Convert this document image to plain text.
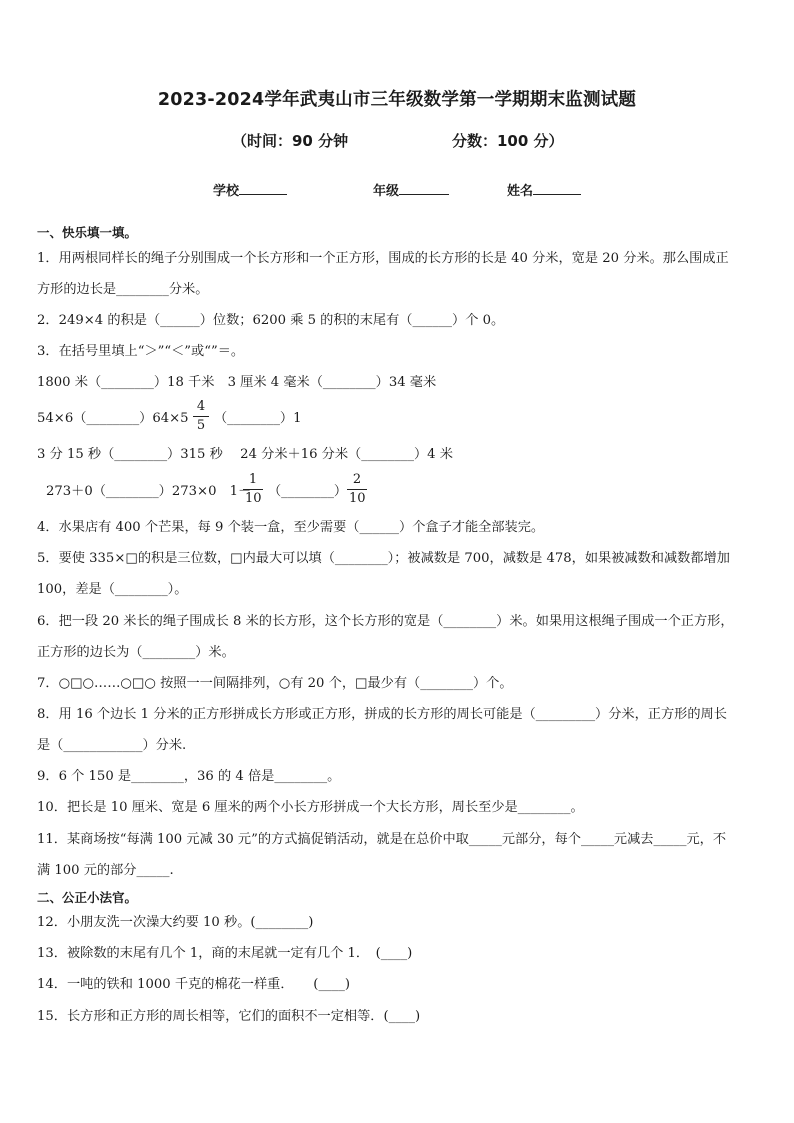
2023-2024学年武夷山市三年级数学第一学期期末监测试题
（时间：90 分钟	分数：100 分）
学校	年级	姓名
一、快乐填一填。
1．用两根同样长的绳子分别围成一个长方形和一个正方形，围成的长方形的长是 40 分米，宽是 20 分米。那么围成正
方形的边长是________分米。
2．249×4 的积是（______）位数；6200 乘 5 的积的末尾有（______）个 0。
3．在括号里填上“＞”“＜”或“”＝。
1800 米（________）18 千米　3 厘米 4 毫米（________）34 毫米
54×6（________）64×5
4
5 （________）1
3 分 15 秒（________）315 秒　 24 分米＋16 分米（________）4 米
273＋0（________）273×0　1－
1
10 （________）
2
10
4．水果店有 400 个芒果，每 9 个装一盒，至少需要（______）个盒子才能全部装完。
5．要使 335×□的积是三位数，□内最大可以填（________）；被减数是 700，减数是 478，如果被减数和减数都增加
100，差是（________）。
6．把一段 20 米长的绳子围成长 8 米的长方形，这个长方形的宽是（________）米。如果用这根绳子围成一个正方形，
正方形的边长为（________）米。
7．○□○……○□○ 按照一一间隔排列，○有 20 个，□最少有（________）个。
8．用 16 个边长 1 分米的正方形拼成长方形或正方形，拼成的长方形的周长可能是（_________）分米，正方形的周长
是（____________）分米.
9．6 个 150 是________，36 的 4 倍是________。
10．把长是 10 厘米、宽是 6 厘米的两个小长方形拼成一个大长方形，周长至少是________。
11．某商场按“每满 100 元减 30 元”的方式搞促销活动，就是在总价中取_____元部分，每个_____元减去_____元，不
满 100 元的部分_____.
二、公正小法官。
12．小朋友洗一次澡大约要 10 秒。(________)
13．被除数的末尾有几个 1，商的末尾就一定有几个 1．　(____)
14．一吨的铁和 1000 千克的棉花一样重．　　(____)
15．长方形和正方形的周长相等，它们的面积不一定相等．(____)
